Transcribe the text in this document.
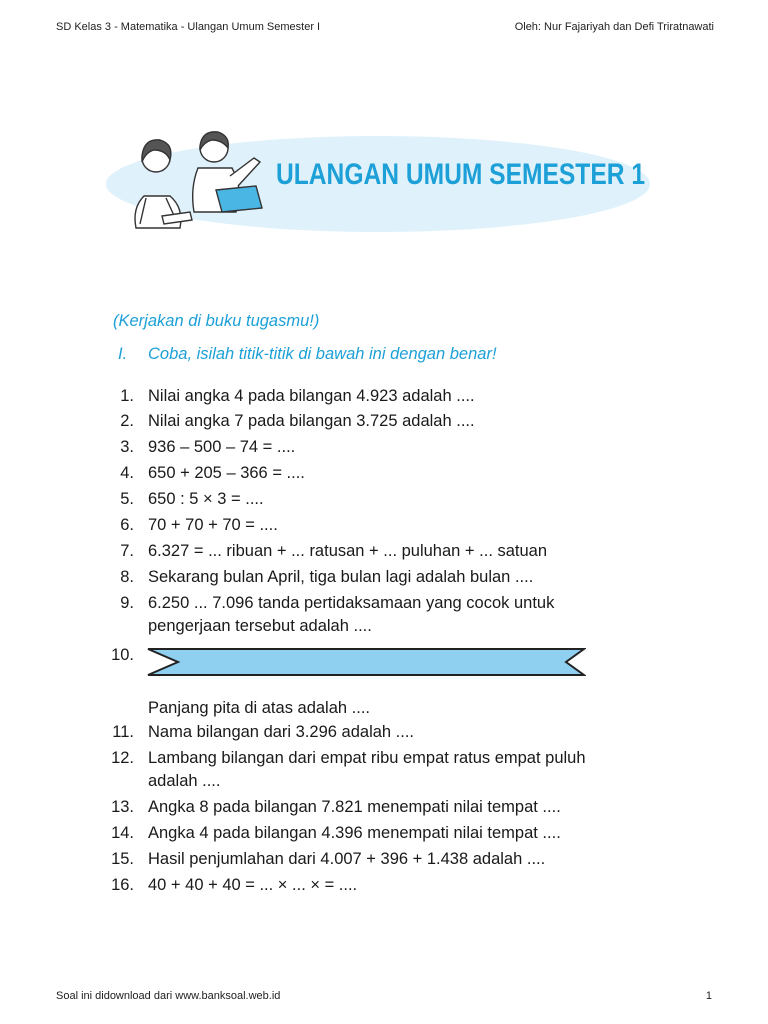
SD Kelas 3 - Matematika - Ulangan Umum Semester I	Oleh: Nur Fajariyah dan Defi Triratnawati
ULANGAN UMUM SEMESTER 1
(Kerjakan di buku tugasmu!)
I. Coba, isilah titik-titik di bawah ini dengan benar!
1. Nilai angka 4 pada bilangan 4.923 adalah ....
2. Nilai angka 7 pada bilangan 3.725 adalah ....
3. 936 – 500 – 74 = ....
4. 650 + 205 – 366 = ....
5. 650 : 5 × 3 = ....
6. 70 + 70 + 70 = ....
7. 6.327 = ... ribuan + ... ratusan + ... puluhan + ... satuan
8. Sekarang bulan April, tiga bulan lagi adalah bulan ....
9. 6.250 ... 7.096 tanda pertidaksamaan yang cocok untuk
pengerjaan tersebut adalah ....
10.
Panjang pita di atas adalah ....
11. Nama bilangan dari 3.296 adalah ....
12. Lambang bilangan dari empat ribu empat ratus empat puluh
adalah ....
13. Angka 8 pada bilangan 7.821 menempati nilai tempat ....
14. Angka 4 pada bilangan 4.396 menempati nilai tempat ....
15. Hasil penjumlahan dari 4.007 + 396 + 1.438 adalah ....
16. 40 + 40 + 40 = ... × ... × = ....
Soal ini didownload dari www.banksoal.web.id	1
